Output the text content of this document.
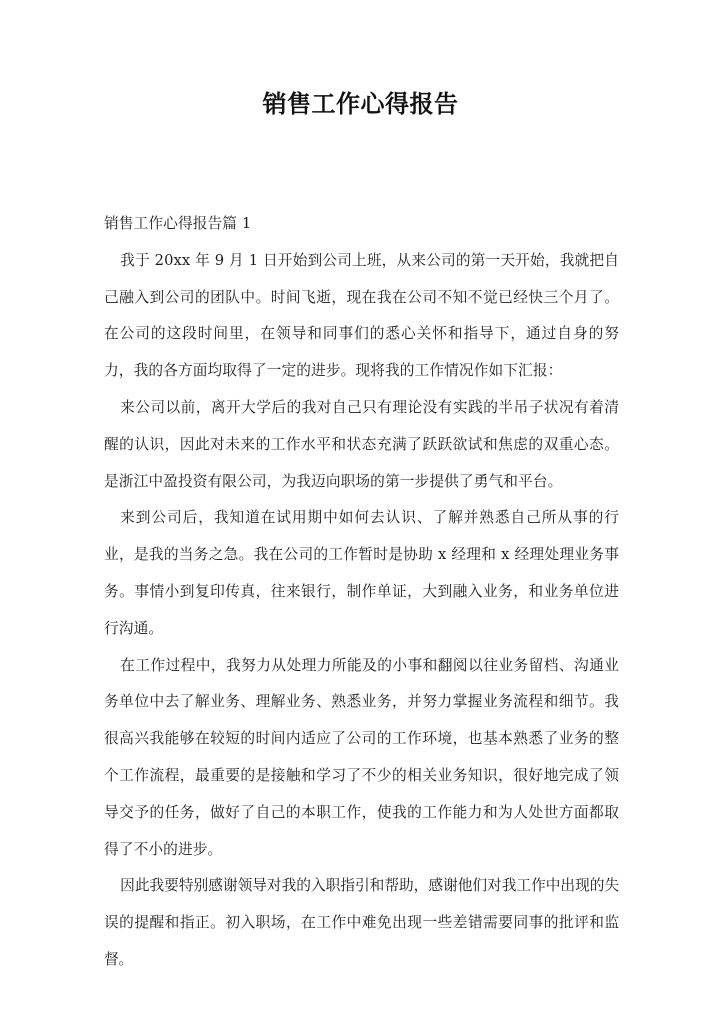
销售工作心得报告

销售工作心得报告篇 1

我于 20xx 年 9 月 1 日开始到公司上班，从来公司的第一天开始，我就把自己融入到公司的团队中。时间飞逝，现在我在公司不知不觉已经快三个月了。在公司的这段时间里，在领导和同事们的悉心关怀和指导下，通过自身的努力，我的各方面均取得了一定的进步。现将我的工作情况作如下汇报：

来公司以前，离开大学后的我对自己只有理论没有实践的半吊子状况有着清醒的认识，因此对未来的工作水平和状态充满了跃跃欲试和焦虑的双重心态。是浙江中盈投资有限公司，为我迈向职场的第一步提供了勇气和平台。

来到公司后，我知道在试用期中如何去认识、了解并熟悉自己所从事的行业，是我的当务之急。我在公司的工作暂时是协助 x 经理和 x 经理处理业务事务。事情小到复印传真，往来银行，制作单证，大到融入业务，和业务单位进行沟通。

在工作过程中，我努力从处理力所能及的小事和翻阅以往业务留档、沟通业务单位中去了解业务、理解业务、熟悉业务，并努力掌握业务流程和细节。我很高兴我能够在较短的时间内适应了公司的工作环境，也基本熟悉了业务的整个工作流程，最重要的是接触和学习了不少的相关业务知识，很好地完成了领导交予的任务，做好了自己的本职工作，使我的工作能力和为人处世方面都取得了不小的进步。

因此我要特别感谢领导对我的入职指引和帮助，感谢他们对我工作中出现的失误的提醒和指正。初入职场，在工作中难免出现一些差错需要同事的批评和监督。
